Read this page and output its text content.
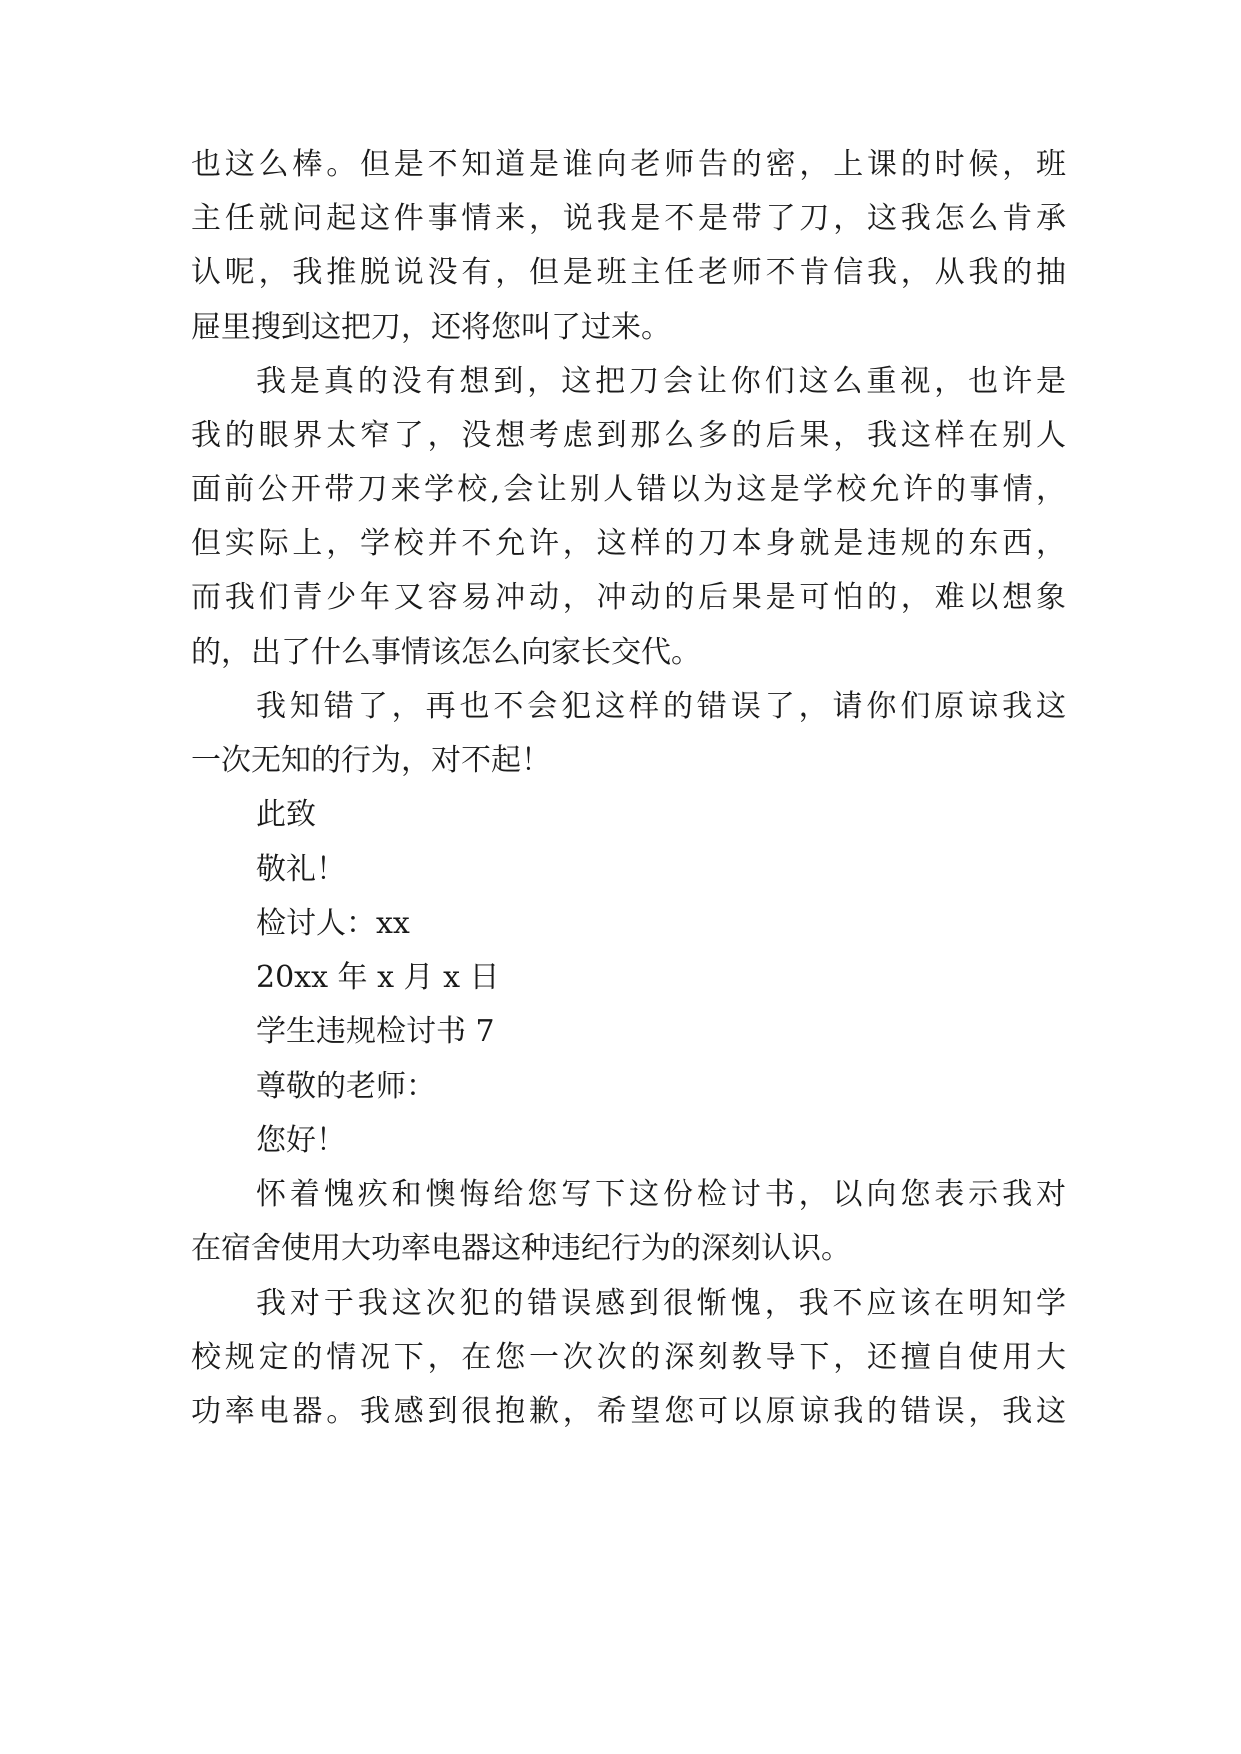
也这么棒。但是不知道是谁向老师告的密，上课的时候，班
主任就问起这件事情来，说我是不是带了刀，这我怎么肯承
认呢，我推脱说没有，但是班主任老师不肯信我，从我的抽
屉里搜到这把刀，还将您叫了过来。
我是真的没有想到，这把刀会让你们这么重视，也许是
我的眼界太窄了，没想考虑到那么多的后果，我这样在别人
面前公开带刀来学校,会让别人错以为这是学校允许的事情，
但实际上，学校并不允许，这样的刀本身就是违规的东西，
而我们青少年又容易冲动，冲动的后果是可怕的，难以想象
的，出了什么事情该怎么向家长交代。
我知错了，再也不会犯这样的错误了，请你们原谅我这
一次无知的行为，对不起！
此致
敬礼！
检讨人：xx
20xx 年 x 月 x 日
学生违规检讨书 7
尊敬的老师：
您好！
怀着愧疚和懊悔给您写下这份检讨书，以向您表示我对
在宿舍使用大功率电器这种违纪行为的深刻认识。
我对于我这次犯的错误感到很惭愧，我不应该在明知学
校规定的情况下，在您一次次的深刻教导下，还擅自使用大
功率电器。我感到很抱歉，希望您可以原谅我的错误，我这
